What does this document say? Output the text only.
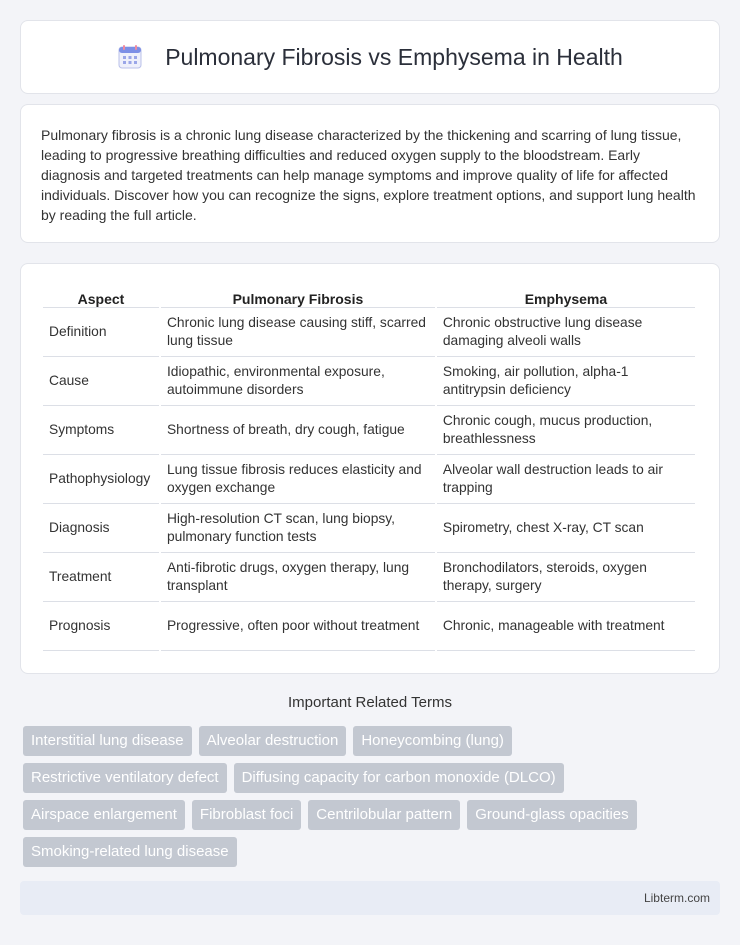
Pulmonary Fibrosis vs Emphysema in Health

Pulmonary fibrosis is a chronic lung disease characterized by the thickening and scarring of lung tissue, leading to progressive breathing difficulties and reduced oxygen supply to the bloodstream. Early diagnosis and targeted treatments can help manage symptoms and improve quality of life for affected individuals. Discover how you can recognize the signs, explore treatment options, and support lung health by reading the full article.

Aspect	Pulmonary Fibrosis	Emphysema
Definition	Chronic lung disease causing stiff, scarred lung tissue	Chronic obstructive lung disease damaging alveoli walls
Cause	Idiopathic, environmental exposure, autoimmune disorders	Smoking, air pollution, alpha-1 antitrypsin deficiency
Symptoms	Shortness of breath, dry cough, fatigue	Chronic cough, mucus production, breathlessness
Pathophysiology	Lung tissue fibrosis reduces elasticity and oxygen exchange	Alveolar wall destruction leads to air trapping
Diagnosis	High-resolution CT scan, lung biopsy, pulmonary function tests	Spirometry, chest X-ray, CT scan
Treatment	Anti-fibrotic drugs, oxygen therapy, lung transplant	Bronchodilators, steroids, oxygen therapy, surgery
Prognosis	Progressive, often poor without treatment	Chronic, manageable with treatment
Important Related Terms
Interstitial lung disease	Alveolar destruction	Honeycombing (lung)
Restrictive ventilatory defect	Diffusing capacity for carbon monoxide (DLCO)
Airspace enlargement	Fibroblast foci	Centrilobular pattern	Ground-glass opacities
Smoking-related lung disease
Libterm.com
